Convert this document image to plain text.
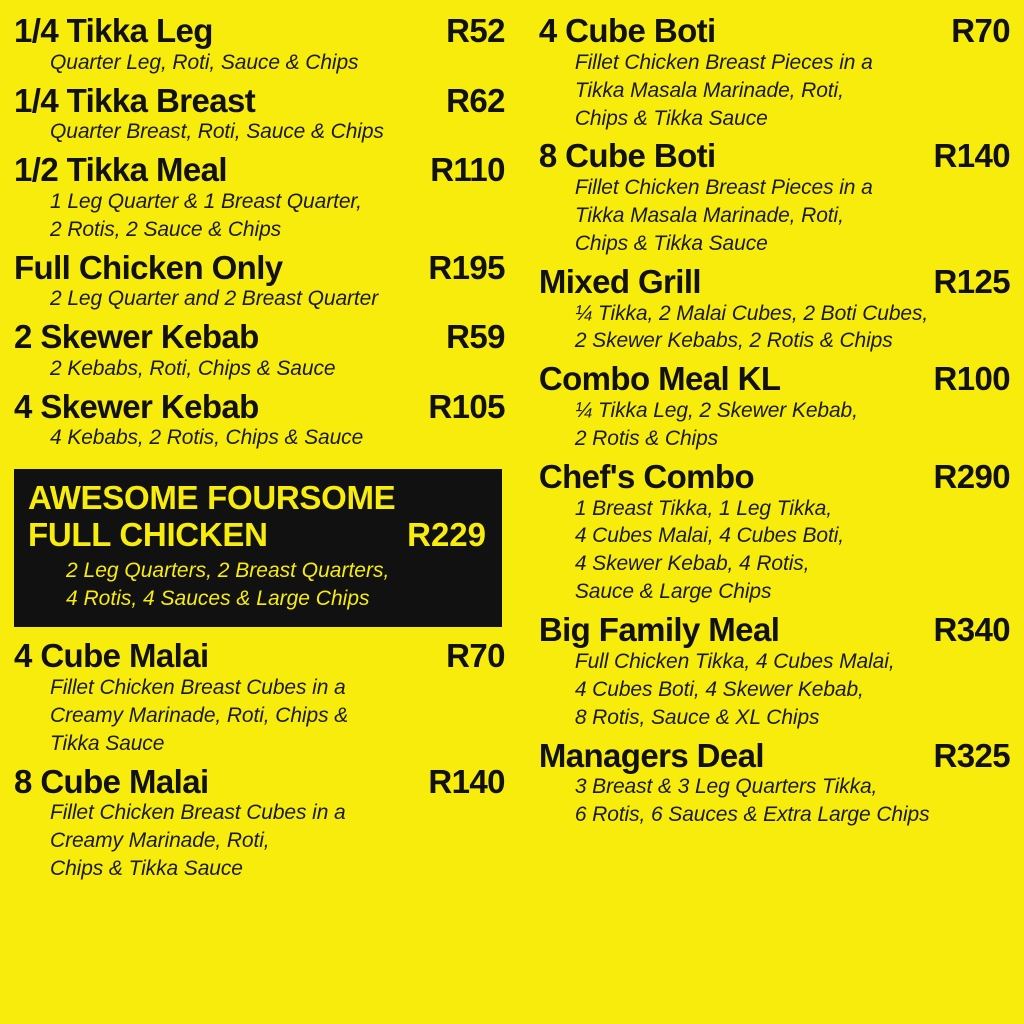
1/4 Tikka Leg	R52
Quarter Leg, Roti, Sauce & Chips
1/4 Tikka Breast	R62
Quarter Breast, Roti, Sauce & Chips
1/2 Tikka Meal	R110
1 Leg Quarter & 1 Breast Quarter,
2 Rotis, 2 Sauce & Chips
Full Chicken Only	R195
2 Leg Quarter and 2 Breast Quarter
2 Skewer Kebab	R59
2 Kebabs, Roti, Chips & Sauce
4 Skewer Kebab	R105
4 Kebabs, 2 Rotis, Chips & Sauce
AWESOME FOURSOME
FULL CHICKEN	R229
2 Leg Quarters, 2 Breast Quarters,
4 Rotis, 4 Sauces & Large Chips
4 Cube Malai	R70
Fillet Chicken Breast Cubes in a
Creamy Marinade, Roti, Chips &
Tikka Sauce
8 Cube Malai	R140
Fillet Chicken Breast Cubes in a
Creamy Marinade, Roti,
Chips & Tikka Sauce
4 Cube Boti	R70
Fillet Chicken Breast Pieces in a
Tikka Masala Marinade, Roti,
Chips & Tikka Sauce
8 Cube Boti	R140
Fillet Chicken Breast Pieces in a
Tikka Masala Marinade, Roti,
Chips & Tikka Sauce
Mixed Grill	R125
¼ Tikka, 2 Malai Cubes, 2 Boti Cubes,
2 Skewer Kebabs, 2 Rotis & Chips
Combo Meal KL	R100
¼ Tikka Leg, 2 Skewer Kebab,
2 Rotis & Chips
Chef's Combo	R290
1 Breast Tikka, 1 Leg Tikka,
4 Cubes Malai, 4 Cubes Boti,
4 Skewer Kebab, 4 Rotis,
Sauce & Large Chips
Big Family Meal	R340
Full Chicken Tikka, 4 Cubes Malai,
4 Cubes Boti, 4 Skewer Kebab,
8 Rotis, Sauce & XL Chips
Managers Deal	R325
3 Breast & 3 Leg Quarters Tikka,
6 Rotis, 6 Sauces & Extra Large Chips
